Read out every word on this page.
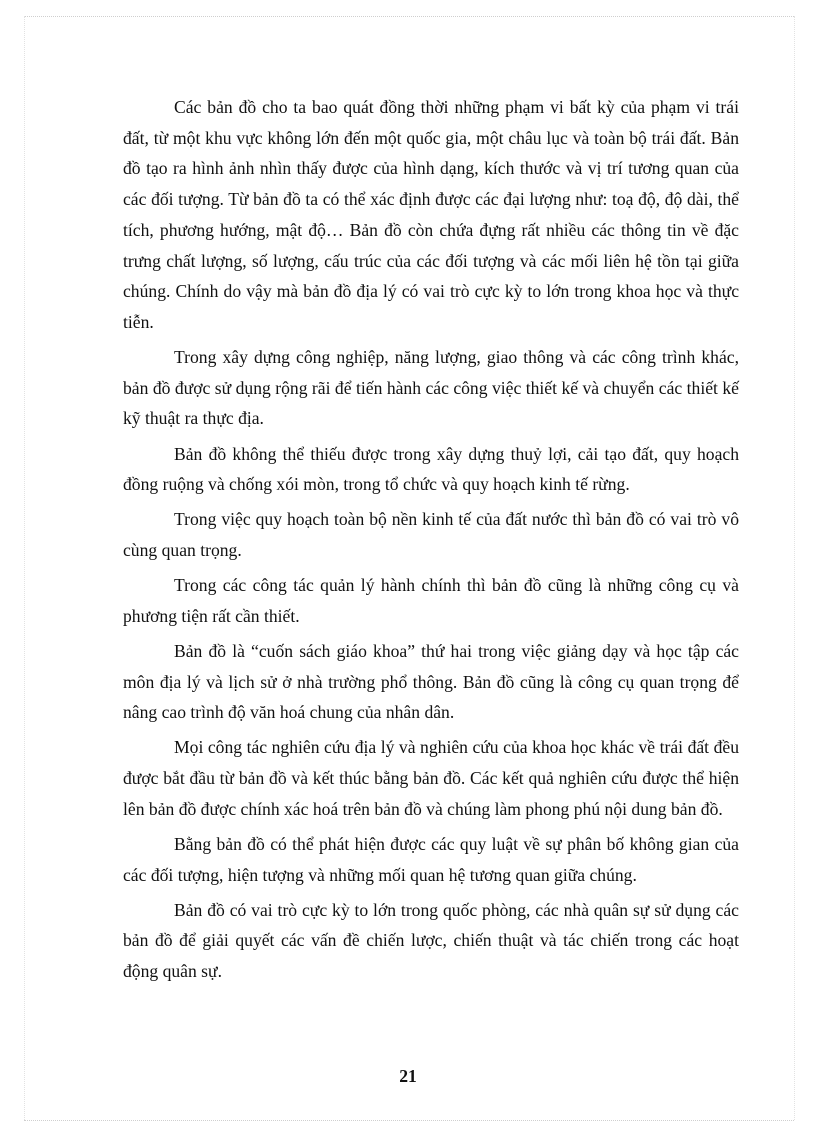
Các bản đồ cho ta bao quát đồng thời những phạm vi bất kỳ của phạm vi trái đất, từ một khu vực không lớn đến một quốc gia, một châu lục và toàn bộ trái đất. Bản đồ tạo ra hình ảnh nhìn thấy được của hình dạng, kích thước và vị trí tương quan của các đối tượng. Từ bản đồ ta có thể xác định được các đại lượng như: toạ độ, độ dài, thể tích, phương hướng, mật độ… Bản đồ còn chứa đựng rất nhiều các thông tin về đặc trưng chất lượng, số lượng, cấu trúc của các đối tượng và các mối liên hệ tồn tại giữa chúng. Chính do vậy mà bản đồ địa lý có vai trò cực kỳ to lớn trong khoa học và thực tiễn.

Trong xây dựng công nghiệp, năng lượng, giao thông và các công trình khác, bản đồ được sử dụng rộng rãi để tiến hành các công việc thiết kế và chuyển các thiết kế kỹ thuật ra thực địa.

Bản đồ không thể thiếu được trong xây dựng thuỷ lợi, cải tạo đất, quy hoạch đồng ruộng và chống xói mòn, trong tổ chức và quy hoạch kinh tế rừng.

Trong việc quy hoạch toàn bộ nền kinh tế của đất nước thì bản đồ có vai trò vô cùng quan trọng.

Trong các công tác quản lý hành chính thì bản đồ cũng là những công cụ và phương tiện rất cần thiết.

Bản đồ là “cuốn sách giáo khoa” thứ hai trong việc giảng dạy và học tập các môn địa lý và lịch sử ở nhà trường phổ thông. Bản đồ cũng là công cụ quan trọng để nâng cao trình độ văn hoá chung của nhân dân.

Mọi công tác nghiên cứu địa lý và nghiên cứu của khoa học khác về trái đất đều được bắt đầu từ bản đồ và kết thúc bằng bản đồ. Các kết quả nghiên cứu được thể hiện lên bản đồ được chính xác hoá trên bản đồ và chúng làm phong phú nội dung bản đồ.

Bằng bản đồ có thể phát hiện được các quy luật về sự phân bố không gian của các đối tượng, hiện tượng và những mối quan hệ tương quan giữa chúng.

Bản đồ có vai trò cực kỳ to lớn trong quốc phòng, các nhà quân sự sử dụng các bản đồ để giải quyết các vấn đề chiến lược, chiến thuật và tác chiến trong các hoạt động quân sự.

21
